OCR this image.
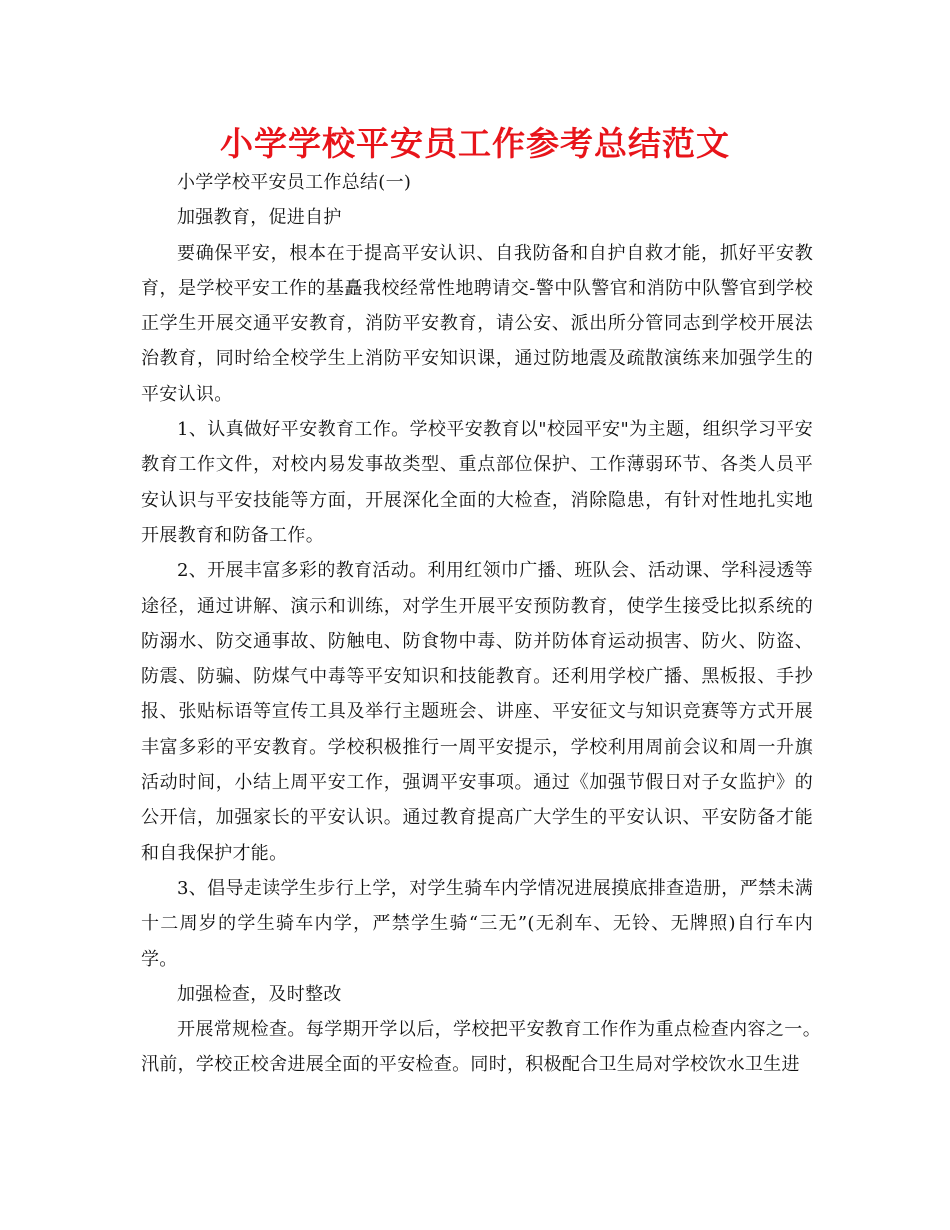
小学学校平安员工作参考总结范文

小学学校平安员工作总结(一)

加强教育，促进自护

要确保平安，根本在于提高平安认识、自我防备和自护自救才能，抓好平安教育，是学校平安工作的基矗我校经常性地聘请交-警中队警官和消防中队警官到学校正学生开展交通平安教育，消防平安教育，请公安、派出所分管同志到学校开展法治教育，同时给全校学生上消防平安知识课，通过防地震及疏散演练来加强学生的平安认识。

1、认真做好平安教育工作。学校平安教育以"校园平安"为主题，组织学习平安教育工作文件，对校内易发事故类型、重点部位保护、工作薄弱环节、各类人员平安认识与平安技能等方面，开展深化全面的大检查，消除隐患，有针对性地扎实地开展教育和防备工作。

2、开展丰富多彩的教育活动。利用红领巾广播、班队会、活动课、学科浸透等途径，通过讲解、演示和训练，对学生开展平安预防教育，使学生接受比拟系统的防溺水、防交通事故、防触电、防食物中毒、防并防体育运动损害、防火、防盗、防震、防骗、防煤气中毒等平安知识和技能教育。还利用学校广播、黑板报、手抄报、张贴标语等宣传工具及举行主题班会、讲座、平安征文与知识竞赛等方式开展丰富多彩的平安教育。学校积极推行一周平安提示，学校利用周前会议和周一升旗活动时间，小结上周平安工作，强调平安事项。通过《加强节假日对子女监护》的公开信，加强家长的平安认识。通过教育提高广大学生的平安认识、平安防备才能和自我保护才能。

3、倡导走读学生步行上学，对学生骑车内学情况进展摸底排查造册，严禁未满十二周岁的学生骑车内学，严禁学生骑“三无”(无刹车、无铃、无牌照)自行车内学。

加强检查，及时整改

开展常规检查。每学期开学以后，学校把平安教育工作作为重点检查内容之一。汛前，学校正校舍进展全面的平安检查。同时，积极配合卫生局对学校饮水卫生进
